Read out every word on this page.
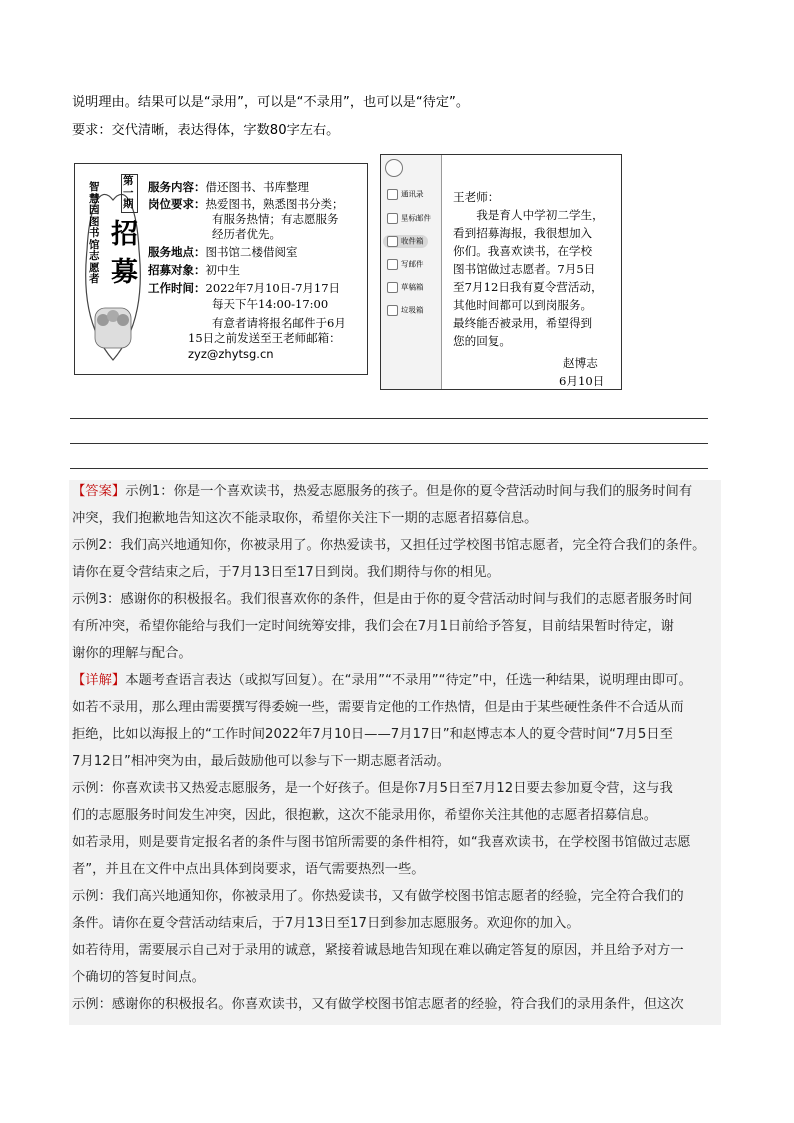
说明理由。结果可以是“录用”，可以是“不录用”，也可以是“待定”。
要求：交代清晰，表达得体，字数80字左右。
智慧园图书馆志愿者
第一期
招募
服务内容：借还图书、书库整理
岗位要求：热爱图书，熟悉图书分类；
有服务热情；有志愿服务
经历者优先。
服务地点：图书馆二楼借阅室
招募对象：初中生
工作时间：2022年7月10日-7月17日
每天下午14:00-17:00
有意者请将报名邮件于6月
15日之前发送至王老师邮箱：
zyz@zhytsg.cn
通讯录
星标邮件
收件箱
写邮件
草稿箱
垃圾箱
王老师：
　　我是育人中学初二学生，
看到招募海报，我很想加入
你们。我喜欢读书，在学校
图书馆做过志愿者。7月5日
至7月12日我有夏令营活动，
其他时间都可以到岗服务。
最终能否被录用，希望得到
您的回复。
赵博志
6月10日
【答案】示例1：你是一个喜欢读书，热爱志愿服务的孩子。但是你的夏令营活动时间与我们的服务时间有
冲突，我们抱歉地告知这次不能录取你，希望你关注下一期的志愿者招募信息。
示例2：我们高兴地通知你，你被录用了。你热爱读书，又担任过学校图书馆志愿者，完全符合我们的条件。
请你在夏令营结束之后，于7月13日至17日到岗。我们期待与你的相见。
示例3：感谢你的积极报名。我们很喜欢你的条件，但是由于你的夏令营活动时间与我们的志愿者服务时间
有所冲突，希望你能给与我们一定时间统筹安排，我们会在7月1日前给予答复，目前结果暂时待定，谢
谢你的理解与配合。
【详解】本题考查语言表达（或拟写回复）。在“录用”“不录用”“待定”中，任选一种结果，说明理由即可。
如若不录用，那么理由需要撰写得委婉一些，需要肯定他的工作热情，但是由于某些硬性条件不合适从而
拒绝，比如以海报上的“工作时间2022年7月10日——7月17日”和赵博志本人的夏令营时间“7月5日至
7月12日”相冲突为由，最后鼓励他可以参与下一期志愿者活动。
示例：你喜欢读书又热爱志愿服务，是一个好孩子。但是你7月5日至7月12日要去参加夏令营，这与我
们的志愿服务时间发生冲突，因此，很抱歉，这次不能录用你，希望你关注其他的志愿者招募信息。
如若录用，则是要肯定报名者的条件与图书馆所需要的条件相符，如“我喜欢读书，在学校图书馆做过志愿
者”，并且在文件中点出具体到岗要求，语气需要热烈一些。
示例：我们高兴地通知你，你被录用了。你热爱读书，又有做学校图书馆志愿者的经验，完全符合我们的
条件。请你在夏令营活动结束后，于7月13日至17日到参加志愿服务。欢迎你的加入。
如若待用，需要展示自己对于录用的诚意，紧接着诚恳地告知现在难以确定答复的原因，并且给予对方一
个确切的答复时间点。
示例：感谢你的积极报名。你喜欢读书，又有做学校图书馆志愿者的经验，符合我们的录用条件，但这次
